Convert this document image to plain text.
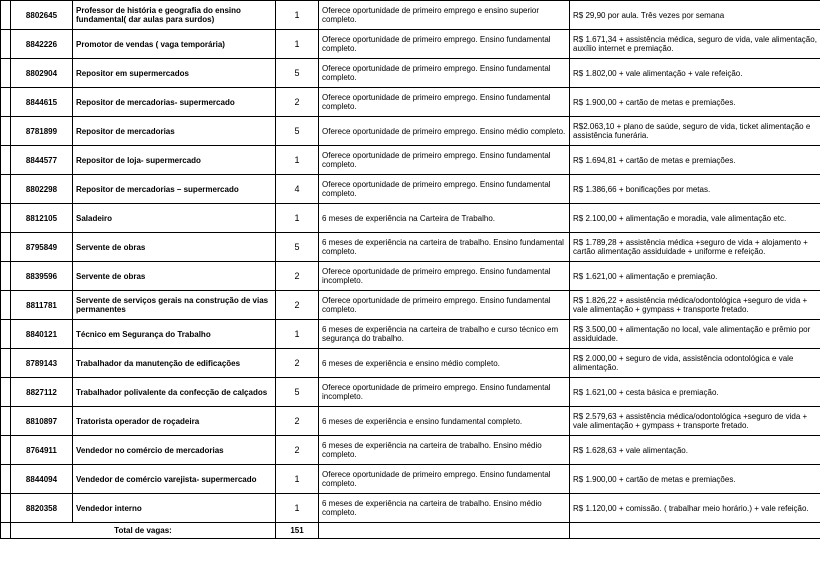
	8802645	Professor de história e geografia do ensino fundamental( dar aulas para surdos)	1	Oferece oportunidade de primeiro emprego e ensino superior completo.	R$ 29,90 por aula. Três vezes por semana
	8842226	Promotor de vendas ( vaga temporária)	1	Oferece oportunidade de primeiro emprego. Ensino fundamental completo.	R$ 1.671,34 + assistência médica, seguro de vida, vale alimentação, auxílio internet e premiação.
	8802904	Repositor em supermercados	5	Oferece oportunidade de primeiro emprego. Ensino fundamental completo.	R$ 1.802,00 + vale alimentação + vale refeição.
	8844615	Repositor de mercadorias- supermercado	2	Oferece oportunidade de primeiro emprego. Ensino fundamental completo.	R$ 1.900,00 + cartão de metas e premiações.
	8781899	Repositor de mercadorias	5	Oferece oportunidade de primeiro emprego. Ensino médio completo.	R$2.063,10 + plano de saúde, seguro de vida, ticket alimentação e assistência funerária.
	8844577	Repositor de loja- supermercado	1	Oferece oportunidade de primeiro emprego. Ensino fundamental completo.	R$ 1.694,81 + cartão de metas e premiações.
	8802298	Repositor de mercadorias – supermercado	4	Oferece oportunidade de primeiro emprego. Ensino fundamental completo.	R$ 1.386,66 + bonificações por metas.
	8812105	Saladeiro	1	6 meses de experiência na Carteira de Trabalho.	R$ 2.100,00 + alimentação e moradia, vale alimentação etc.
	8795849	Servente de obras	5	6 meses de experiência na carteira de trabalho. Ensino fundamental completo.	R$ 1.789,28 + assistência médica +seguro de vida + alojamento + cartão alimentação assiduidade + uniforme e refeição.
	8839596	Servente de obras	2	Oferece oportunidade de primeiro emprego. Ensino fundamental incompleto.	R$ 1.621,00 + alimentação e premiação.
	8811781	Servente de serviços gerais na construção de vias permanentes	2	Oferece oportunidade de primeiro emprego. Ensino fundamental completo.	R$ 1.826,22 + assistência médica/odontológica +seguro de vida + vale alimentação + gympass + transporte fretado.
	8840121	Técnico em Segurança do Trabalho	1	6 meses de experiência na carteira de trabalho e curso técnico em segurança do trabalho.	R$ 3.500,00 + alimentação no local, vale alimentação e prêmio por assiduidade.
	8789143	Trabalhador da manutenção de edificações	2	6 meses de experiência e ensino médio completo.	R$ 2.000,00 + seguro de vida, assistência odontológica e vale alimentação.
	8827112	Trabalhador polivalente da confecção de calçados	5	Oferece oportunidade de primeiro emprego. Ensino fundamental incompleto.	R$ 1.621,00 + cesta básica e premiação.
	8810897	Tratorista operador de roçadeira	2	6 meses de experiência e ensino fundamental completo.	R$ 2.579,63 + assistência médica/odontológica +seguro de vida + vale alimentação + gympass + transporte fretado.
	8764911	Vendedor no comércio de mercadorias	2	6 meses de experiência na carteira de trabalho. Ensino médio completo.	R$ 1.628,63 + vale alimentação.
	8844094	Vendedor de comércio varejista- supermercado	1	Oferece oportunidade de primeiro emprego. Ensino fundamental completo.	R$ 1.900,00 + cartão de metas e premiações.
	8820358	Vendedor interno	1	6 meses de experiência na carteira de trabalho. Ensino médio completo.	R$ 1.120,00 + comissão. ( trabalhar meio horário.) + vale refeição.
	Total de vagas:		151		
